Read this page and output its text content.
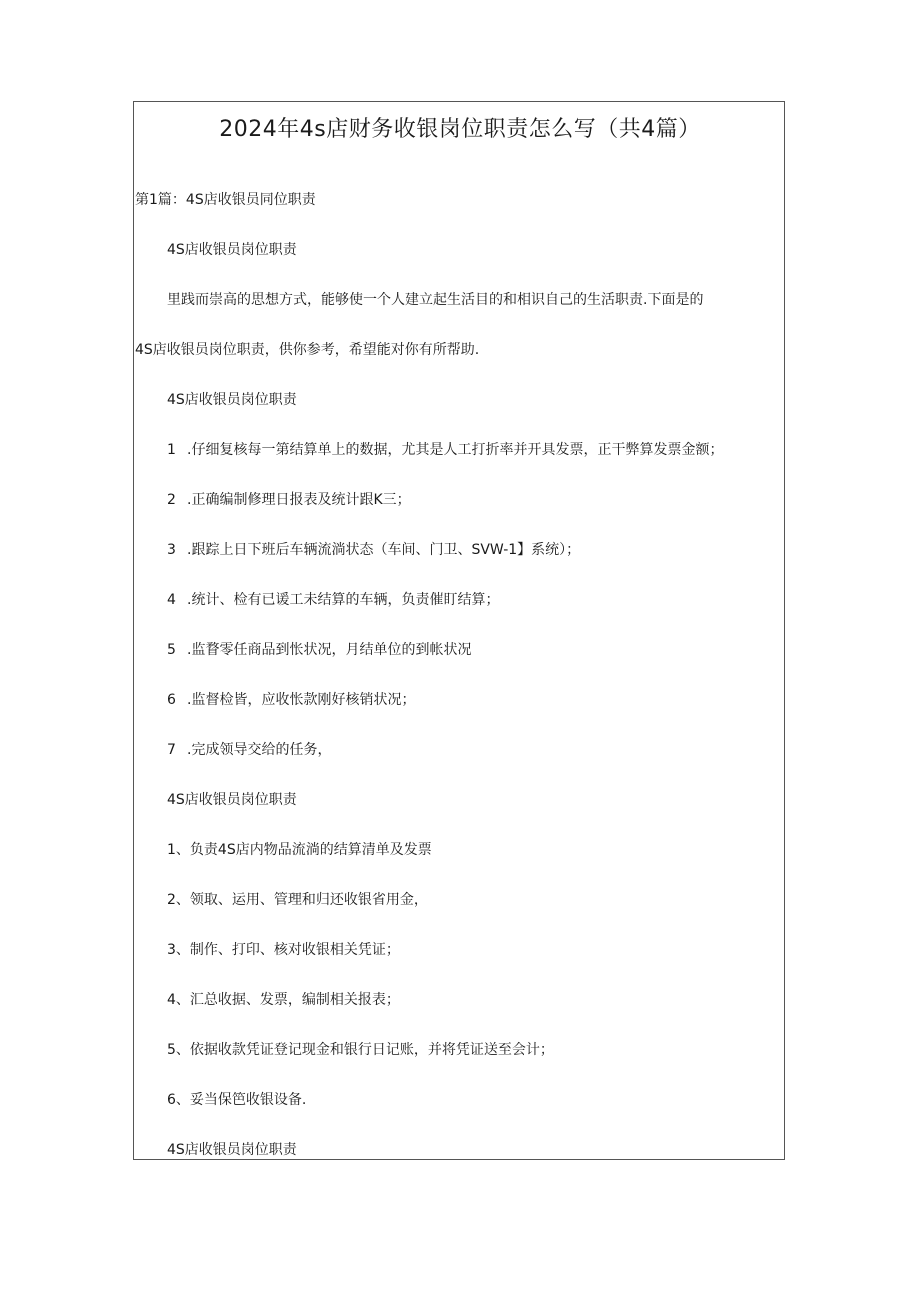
2024年4s店财务收银岗位职责怎么写（共4篇）

第1篇：4S店收银员同位职责

4S店收银员岗位职责

里践而崇高的思想方式，能够使一个人建立起生活目的和相识自己的生活职责.下面是的

4S店收银员岗位职责，供你参考，希望能对你有所帮助.

4S店收银员岗位职责

1 .仔细复核每一第结算单上的数据，尤其是人工打折率并开具发票，正干弊算发票金额；

2 .正确编制修理日报表及统计跟K三；

3 .跟踪上日下班后车辆流淌状态（车间、门卫、SVW-1】系统）；

4 .统计、检有已谖工未结算的车辆，负责催盯结算；

5 .监瞀零任商品到怅状况，月结单位的到帐状况

6 .监督检皆，应收怅款刚好核销状况；

7 .完成领导交给的任务，

4S店收银员岗位职责

1、负责4S店内物品流淌的结算清单及发票

2、领取、运用、管理和归还收银省用金，

3、制作、打印、核对收银相关凭证；

4、汇总收据、发票，编制相关报表；

5、依据收款凭证登记现金和银行日记账，并将凭证送至会计；

6、妥当保笆收银设备.

4S店收银员岗位职责
